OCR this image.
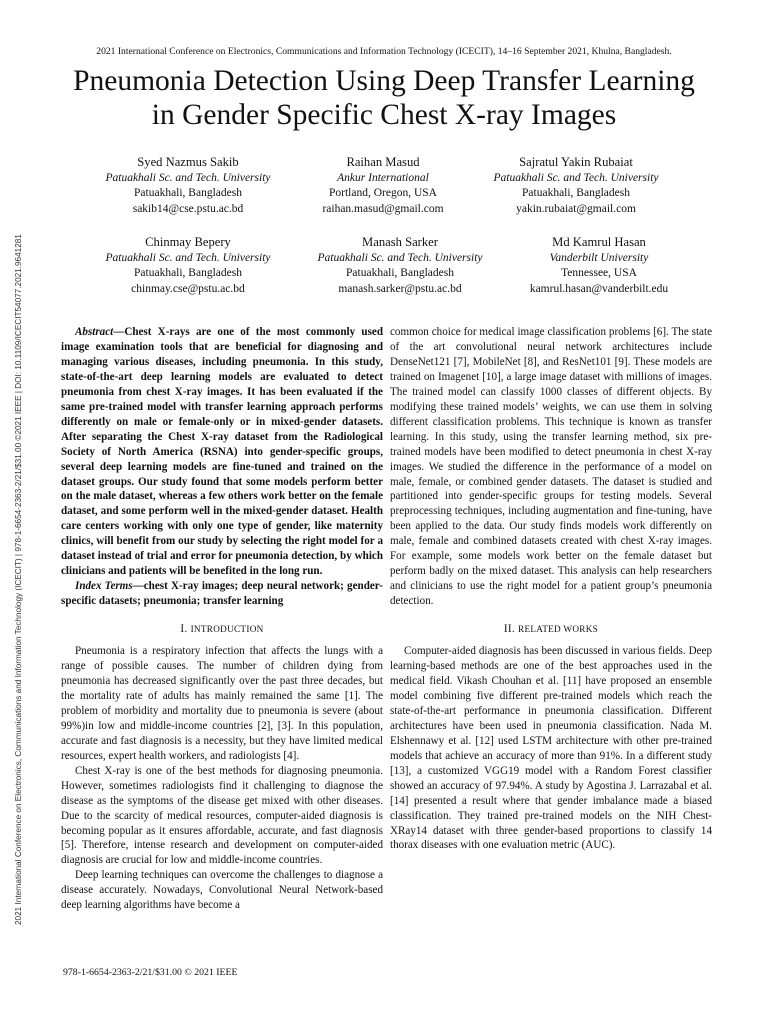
2021 International Conference on Electronics, Communications and Information Technology (ICECIT), 14–16 September 2021, Khulna, Bangladesh.
Pneumonia Detection Using Deep Transfer Learning
in Gender Specific Chest X-ray Images
2021 International Conference on Electronics, Communications and Information Technology (ICECIT) | 978-1-6654-2363-2/21/$31.00 ©2021 IEEE | DOI: 10.1109/ICECIT54077.2021.9641281
Syed Nazmus Sakib
Patuakhali Sc. and Tech. University
Patuakhali, Bangladesh
sakib14@cse.pstu.ac.bd
Raihan Masud
Ankur International
Portland, Oregon, USA
raihan.masud@gmail.com
Sajratul Yakin Rubaiat
Patuakhali Sc. and Tech. University
Patuakhali, Bangladesh
yakin.rubaiat@gmail.com
Chinmay Bepery
Patuakhali Sc. and Tech. University
Patuakhali, Bangladesh
chinmay.cse@pstu.ac.bd
Manash Sarker
Patuakhali Sc. and Tech. University
Patuakhali, Bangladesh
manash.sarker@pstu.ac.bd
Md Kamrul Hasan
Vanderbilt University
Tennessee, USA
kamrul.hasan@vanderbilt.edu

Abstract—Chest X-rays are one of the most commonly used image examination tools that are beneficial for diagnosing and managing various diseases, including pneumonia. In this study, state-of-the-art deep learning models are evaluated to detect pneumonia from chest X-ray images. It has been evaluated if the same pre-trained model with transfer learning approach performs differently on male or female-only or in mixed-gender datasets. After separating the Chest X-ray dataset from the Radiological Society of North America (RSNA) into gender-specific groups, several deep learning models are fine-tuned and trained on the dataset groups. Our study found that some models perform better on the male dataset, whereas a few others work better on the female dataset, and some perform well in the mixed-gender dataset. Health care centers working with only one type of gender, like maternity clinics, will benefit from our study by selecting the right model for a dataset instead of trial and error for pneumonia detection, by which clinicians and patients will be benefited in the long run.

Index Terms—chest X-ray images; deep neural network; gender-specific datasets; pneumonia; transfer learning

I. INTRODUCTION

Pneumonia is a respiratory infection that affects the lungs with a range of possible causes. The number of children dying from pneumonia has decreased significantly over the past three decades, but the mortality rate of adults has mainly remained the same [1]. The problem of morbidity and mortality due to pneumonia is severe (about 99%)in low and middle-income countries [2], [3]. In this population, accurate and fast diagnosis is a necessity, but they have limited medical resources, expert health workers, and radiologists [4].

Chest X-ray is one of the best methods for diagnosing pneumonia. However, sometimes radiologists find it challenging to diagnose the disease as the symptoms of the disease get mixed with other diseases. Due to the scarcity of medical resources, computer-aided diagnosis is becoming popular as it ensures affordable, accurate, and fast diagnosis [5]. Therefore, intense research and development on computer-aided diagnosis are crucial for low and middle-income countries.

Deep learning techniques can overcome the challenges to diagnose a disease accurately. Nowadays, Convolutional Neural Network-based deep learning algorithms have become a

common choice for medical image classification problems [6]. The state of the art convolutional neural network architectures include DenseNet121 [7], MobileNet [8], and ResNet101 [9]. These models are trained on Imagenet [10], a large image dataset with millions of images. The trained model can classify 1000 classes of different objects. By modifying these trained models’ weights, we can use them in solving different classification problems. This technique is known as transfer learning. In this study, using the transfer learning method, six pre-trained models have been modified to detect pneumonia in chest X-ray images. We studied the difference in the performance of a model on male, female, or combined gender datasets. The dataset is studied and partitioned into gender-specific groups for testing models. Several preprocessing techniques, including augmentation and fine-tuning, have been applied to the data. Our study finds models work differently on male, female and combined datasets created with chest X-ray images. For example, some models work better on the female dataset but perform badly on the mixed dataset. This analysis can help researchers and clinicians to use the right model for a patient group’s pneumonia detection.

II. RELATED WORKS

Computer-aided diagnosis has been discussed in various fields. Deep learning-based methods are one of the best approaches used in the medical field. Vikash Chouhan et al. [11] have proposed an ensemble model combining five different pre-trained models which reach the state-of-the-art performance in pneumonia classification. Different architectures have been used in pneumonia classification. Nada M. Elshennawy et al. [12] used LSTM architecture with other pre-trained models that achieve an accuracy of more than 91%. In a different study [13], a customized VGG19 model with a Random Forest classifier showed an accuracy of 97.94%. A study by Agostina J. Larrazabal et al. [14] presented a result where that gender imbalance made a biased classification. They trained pre-trained models on the NIH Chest-XRay14 dataset with three gender-based proportions to classify 14 thorax diseases with one evaluation metric (AUC).

978-1-6654-2363-2/21/$31.00 © 2021 IEEE
